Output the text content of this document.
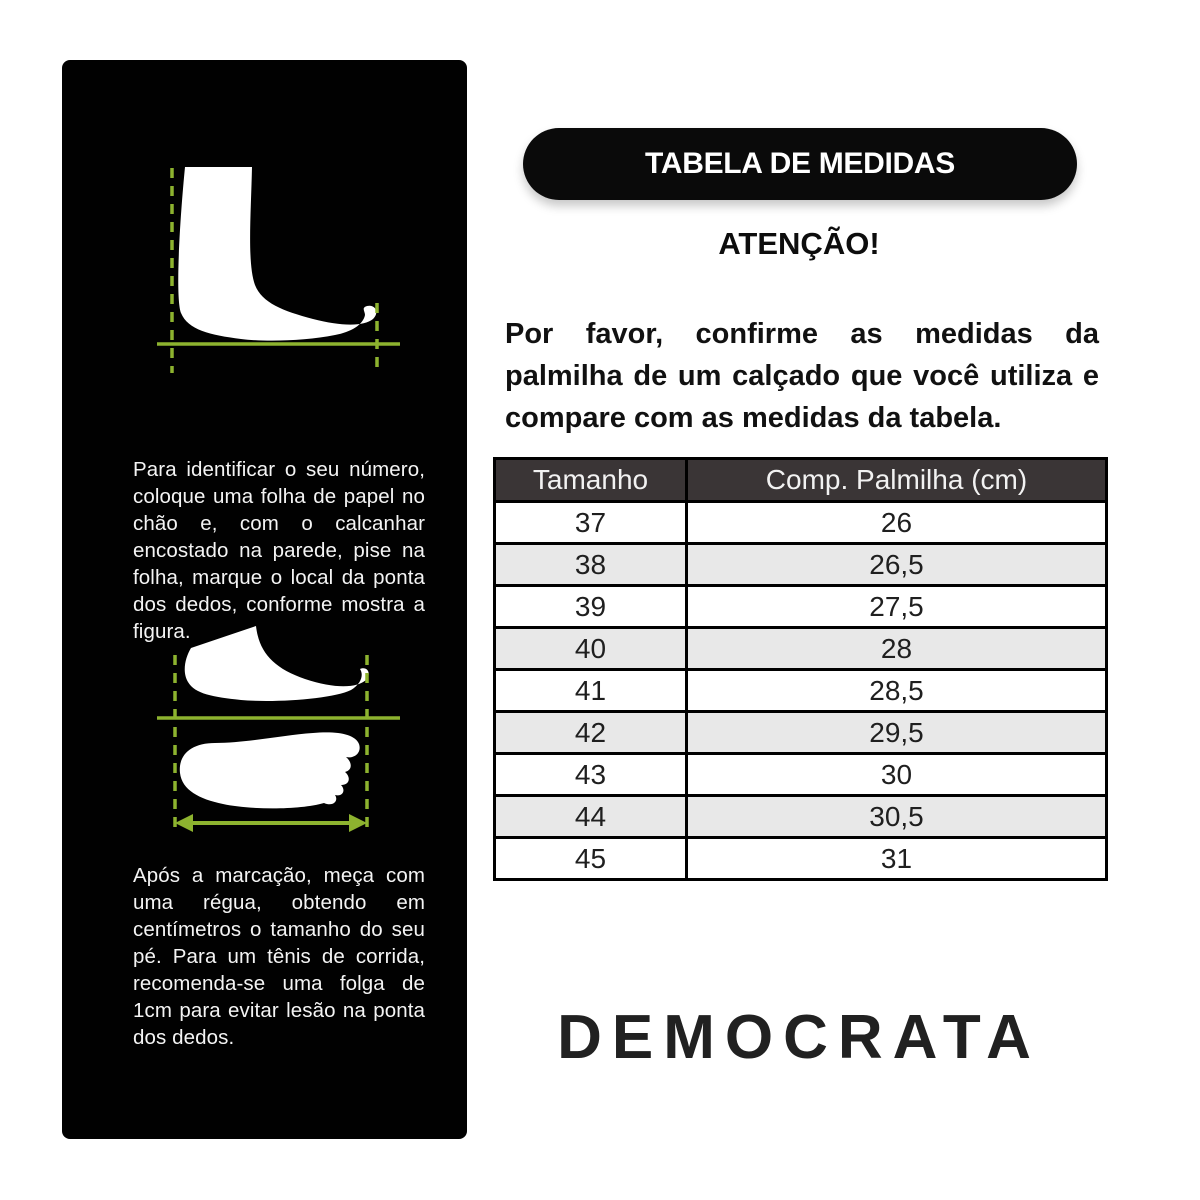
Para identificar o seu número, coloque uma folha de papel no chão e, com o calcanhar encostado na parede, pise na folha, marque o local da ponta dos dedos, conforme mostra a figura.

Após a marcação, meça com uma régua, obtendo em centímetros o tamanho do seu pé. Para um tênis de corrida, recomenda-se uma folga de 1cm para evitar lesão na ponta dos dedos.

TABELA DE MEDIDAS
ATENÇÃO!

Por favor, confirme as medidas da palmilha de um calçado que você utiliza e compare com as medidas da tabela.

Tamanho	Comp. Palmilha (cm)
37	26
38	26,5
39	27,5
40	28
41	28,5
42	29,5
43	30
44	30,5
45	31
DEMOCRATA
